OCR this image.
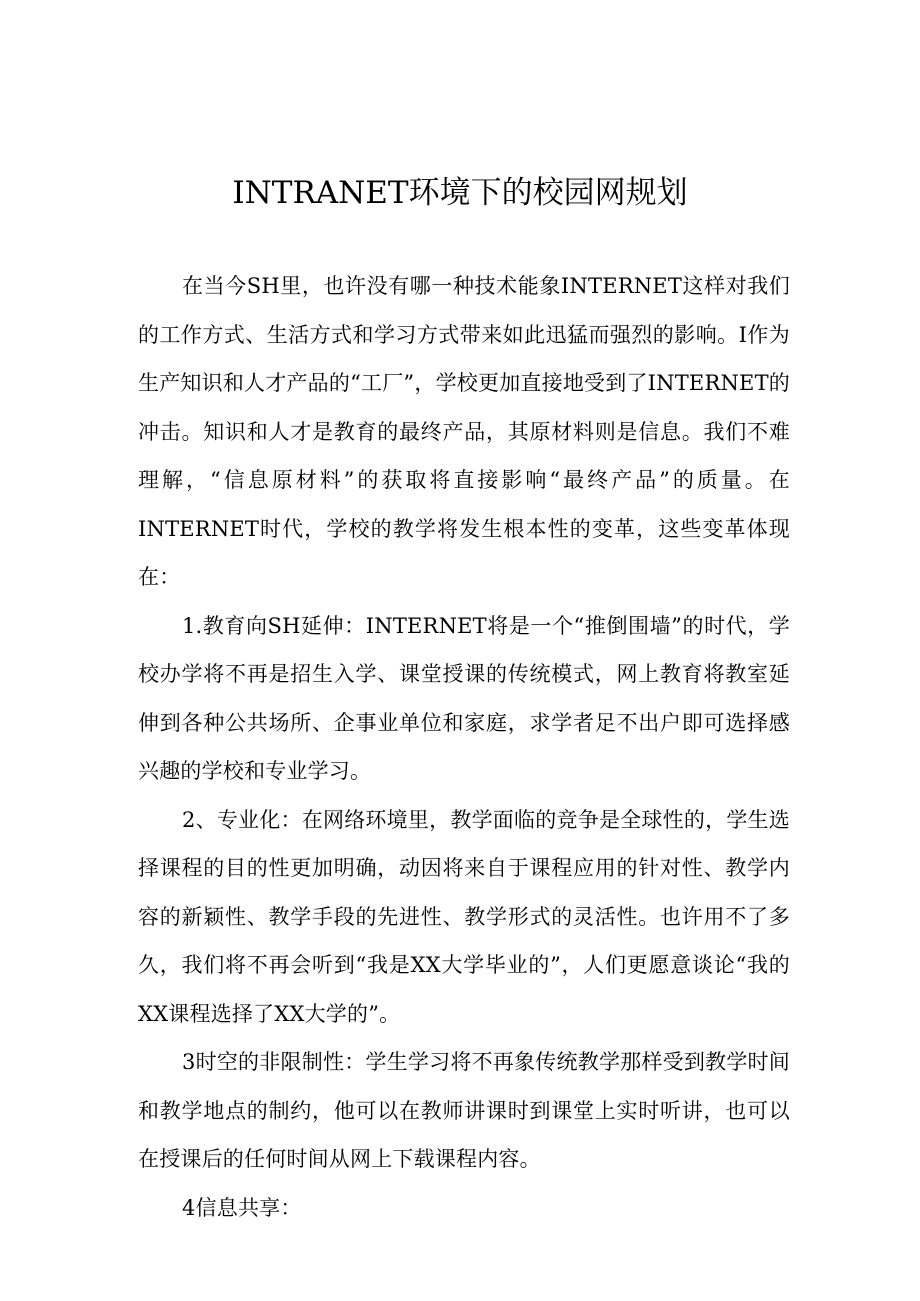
INTRANET环境下的校园网规划

在当今SH里，也许没有哪一种技术能象INTERNET这样对我们的工作方式、生活方式和学习方式带来如此迅猛而强烈的影响。I作为生产知识和人才产品的“工厂”，学校更加直接地受到了INTERNET的冲击。知识和人才是教育的最终产品，其原材料则是信息。我们不难理解，“信息原材料”的获取将直接影响“最终产品”的质量。在INTERNET时代，学校的教学将发生根本性的变革，这些变革体现在：

1.教育向SH延伸：INTERNET将是一个“推倒围墙”的时代，学校办学将不再是招生入学、课堂授课的传统模式，网上教育将教室延伸到各种公共场所、企事业单位和家庭，求学者足不出户即可选择感兴趣的学校和专业学习。

2、专业化：在网络环境里，教学面临的竞争是全球性的，学生选择课程的目的性更加明确，动因将来自于课程应用的针对性、教学内容的新颖性、教学手段的先进性、教学形式的灵活性。也许用不了多久，我们将不再会听到“我是XX大学毕业的”，人们更愿意谈论“我的XX课程选择了XX大学的”。

3时空的非限制性：学生学习将不再象传统教学那样受到教学时间和教学地点的制约，他可以在教师讲课时到课堂上实时听讲，也可以在授课后的任何时间从网上下载课程内容。

4信息共享：
